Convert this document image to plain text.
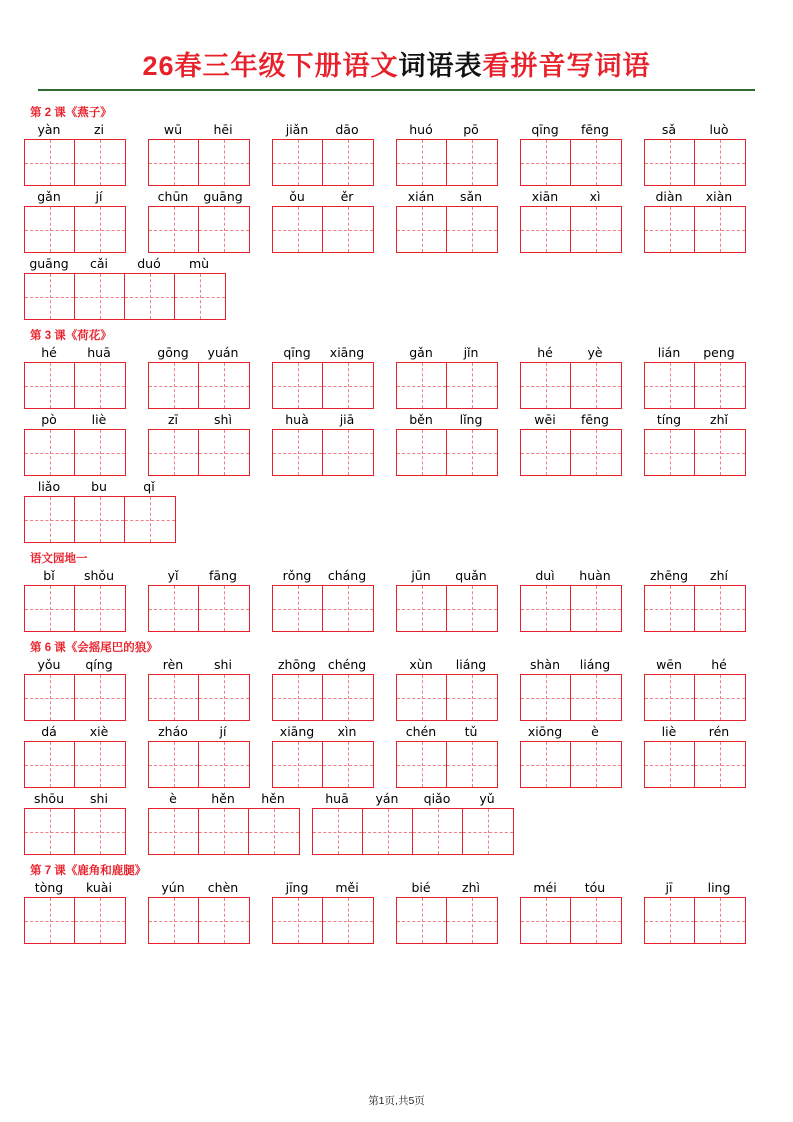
26春三年级下册语文词语表看拼音写词语
第 2 课《燕子》
yàn	zi	wū	hēi	jiǎn	dāo	huó	pō	qīng	fēng	sǎ	luò
gǎn	jí	chūn	guāng	ǒu	ěr	xián	sǎn	xiān	xì	diàn	xiàn
guāng	cǎi	duó	mù
第 3 课《荷花》
hé	huā	gōng	yuán	qīng	xiāng	gǎn	jǐn	hé	yè	lián	peng
pò	liè	zī	shì	huà	jiā	běn	lǐng	wēi	fēng	tíng	zhǐ
liǎo	bu	qǐ
语文园地一
bǐ	shǒu	yǐ	fāng	rǒng	cháng	jūn	quǎn	duì	huàn	zhēng	zhí
第 6 课《会摇尾巴的狼》
yǒu	qíng	rèn	shi	zhōng chéng	xùn	liáng	shàn	liáng	wēn	hé
dá	xiè	zháo	jí	xiāng	xìn	chén	tǔ	xiōng	è	liè	rén
shōu	shi	è	hěn	hěn	huā	yán	qiǎo	yǔ
第 7 课《鹿角和鹿腿》
tòng	kuài	yún	chèn	jīng	měi	bié	zhì	méi	tóu	jī	ling
第1页,共5页
